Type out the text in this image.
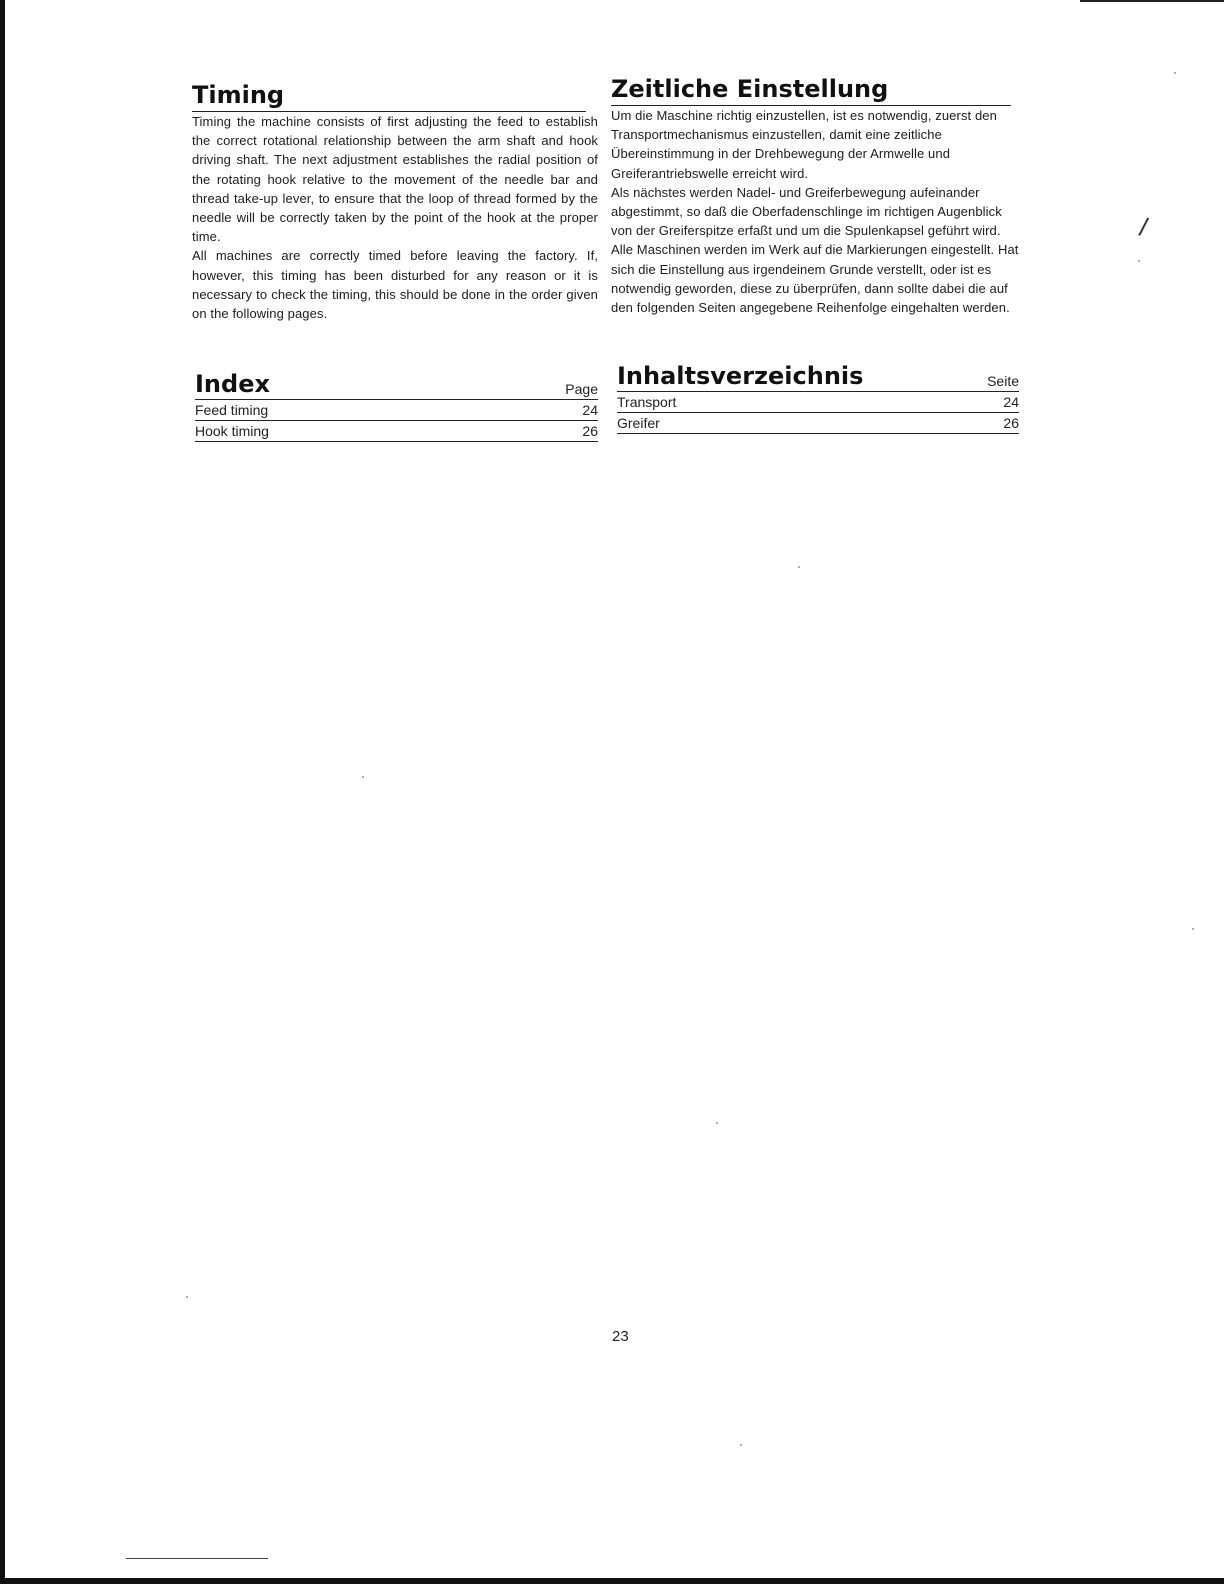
Timing

Timing the machine consists of first adjusting the feed to establish the correct rotational relationship between the arm shaft and hook driving shaft. The next adjustment establishes the radial position of the rotating hook relative to the movement of the needle bar and thread take-up lever, to ensure that the loop of thread formed by the needle will be correctly taken by the point of the hook at the proper time.

All machines are correctly timed before leaving the factory. If, however, this timing has been disturbed for any reason or it is necessary to check the timing, this should be done in the order given on the following pages.

Zeitliche Einstellung

Um die Maschine richtig einzustellen, ist es notwendig, zuerst den Transportmechanismus einzustellen, damit eine zeitliche Übereinstimmung in der Drehbewegung der Armwelle und Greiferantriebswelle erreicht wird.

Als nächstes werden Nadel- und Greiferbewegung aufeinander abgestimmt, so daß die Oberfadenschlinge im richtigen Augenblick von der Greiferspitze erfaßt und um die Spulenkapsel geführt wird.

Alle Maschinen werden im Werk auf die Markierungen eingestellt. Hat sich die Einstellung aus irgendeinem Grunde verstellt, oder ist es notwendig geworden, diese zu überprüfen, dann sollte dabei die auf den folgenden Seiten angegebene Reihenfolge eingehalten werden.

Index	Page
Feed timing	24
Hook timing	26
Inhaltsverzeichnis	Seite
Transport	24
Greifer	26
23
/
